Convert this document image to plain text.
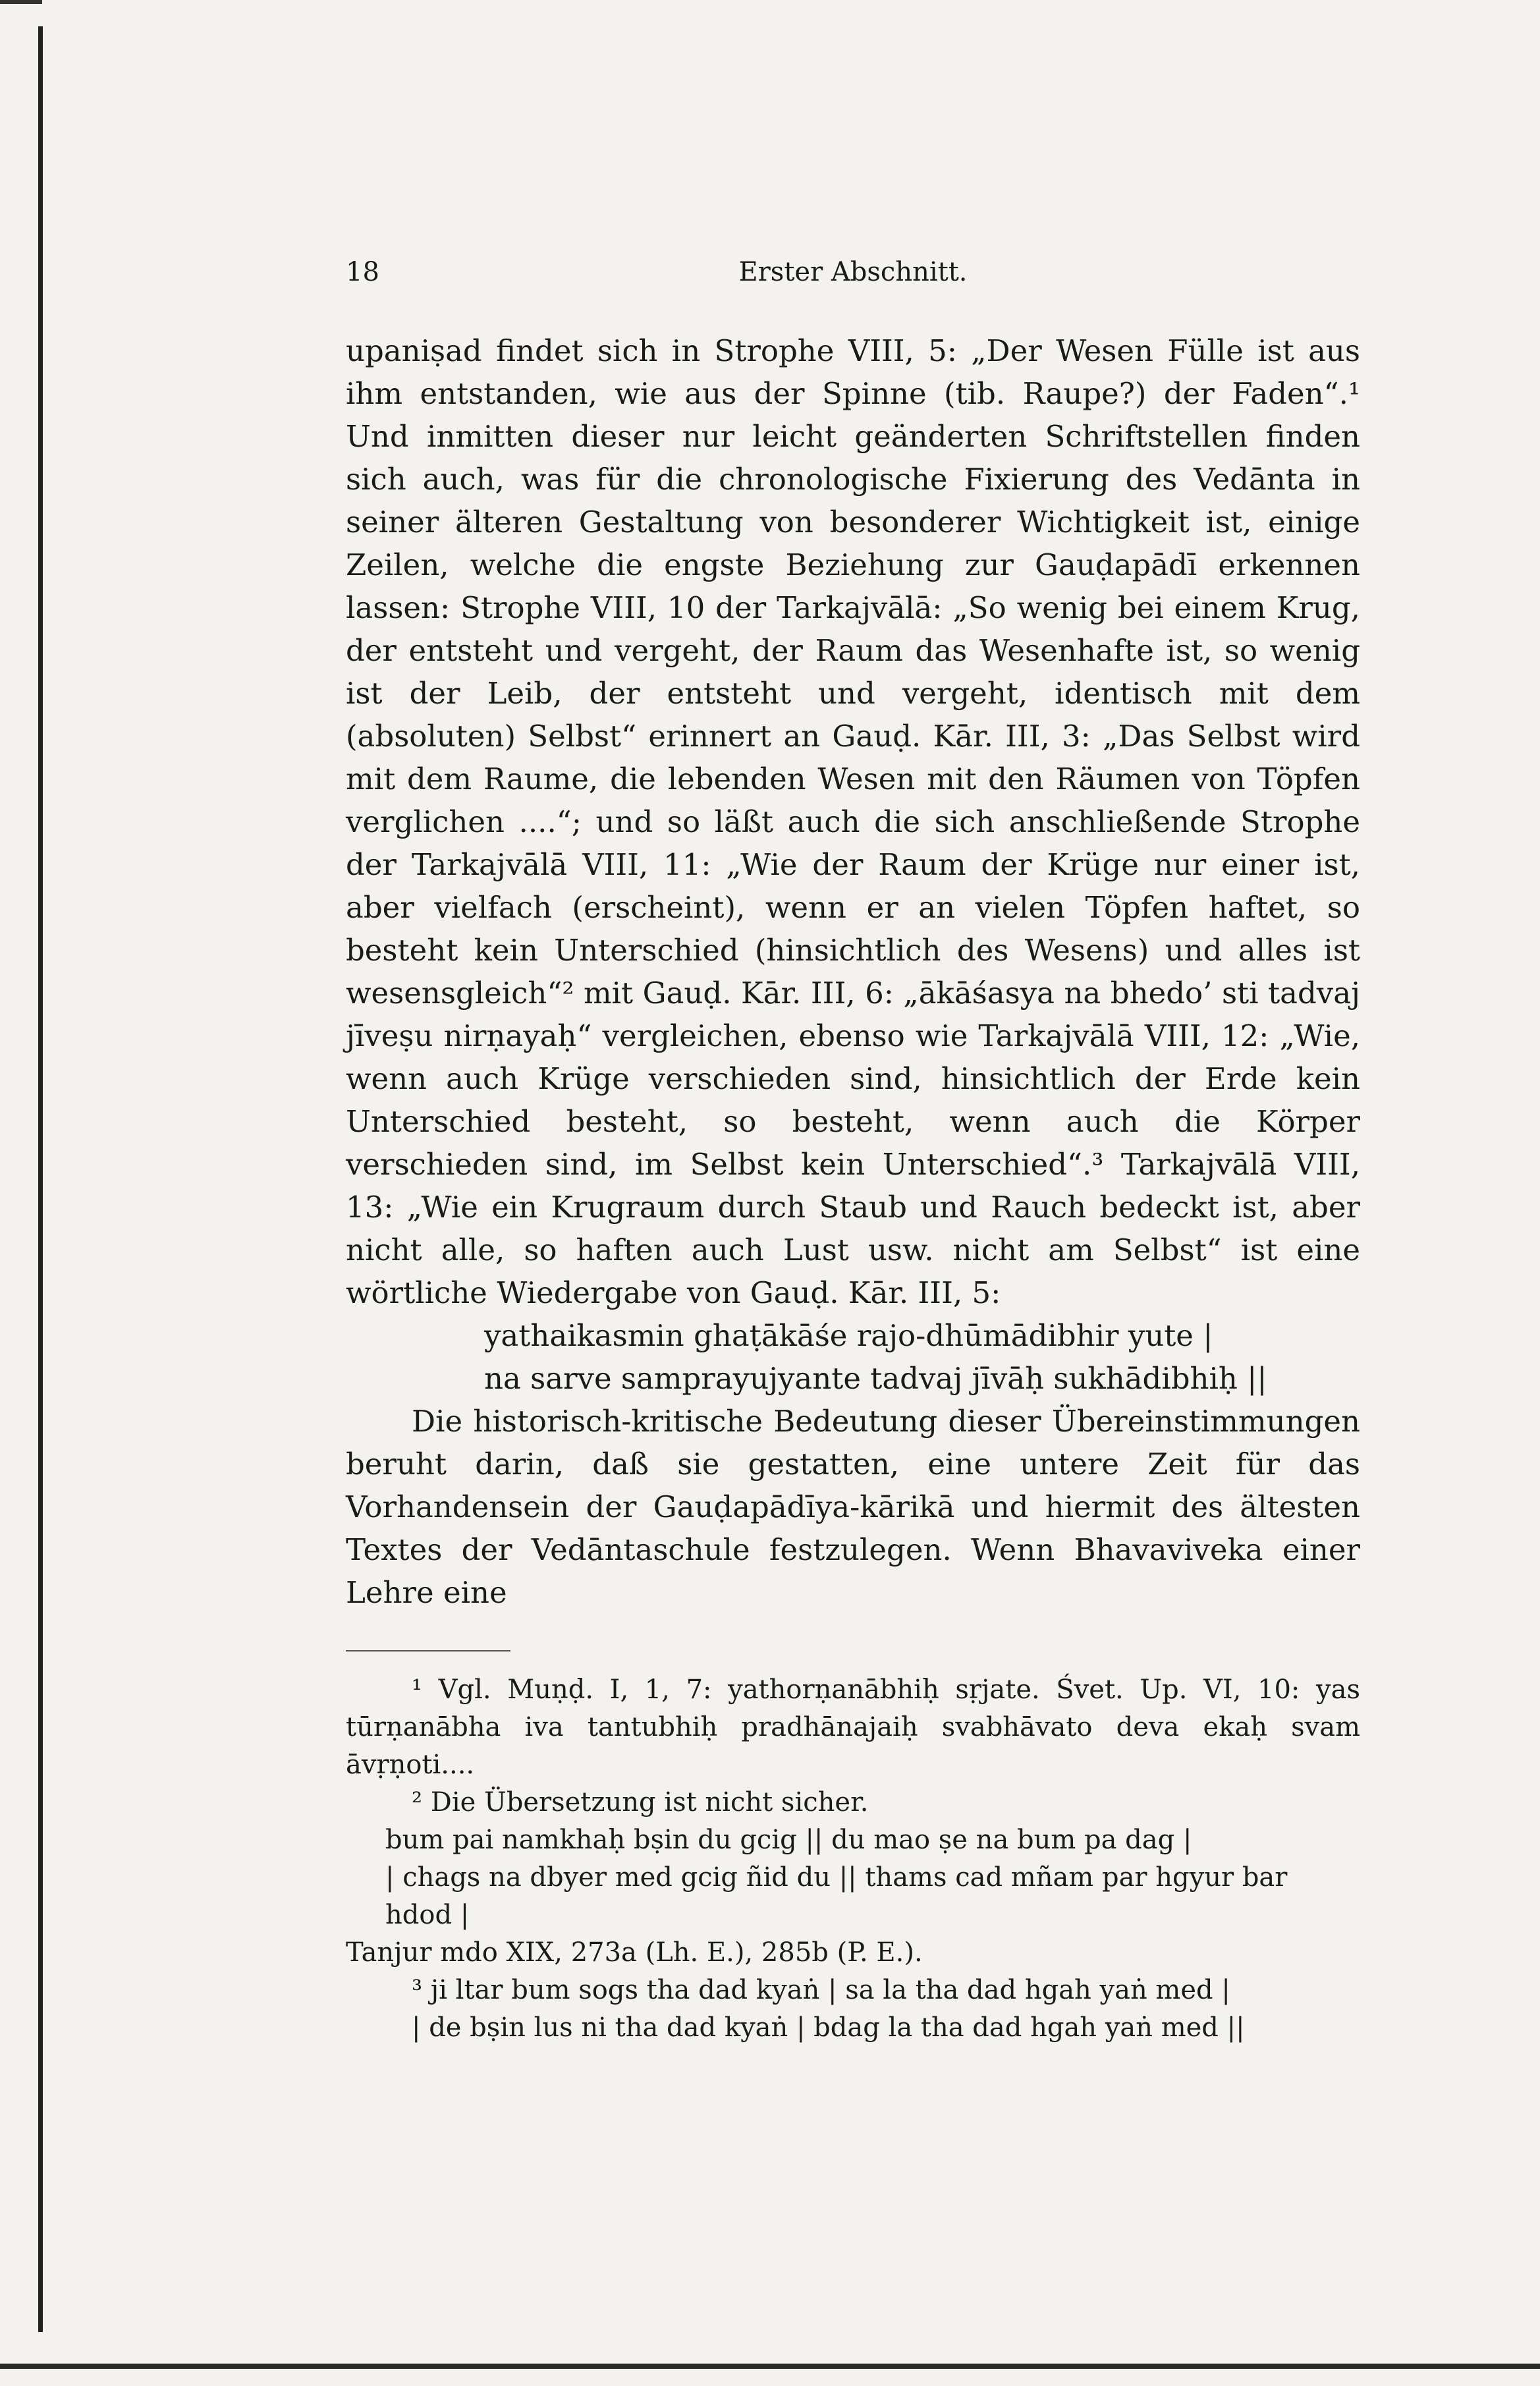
18	Erster Abschnitt.

upaniṣad findet sich in Strophe VIII, 5: „Der Wesen Fülle ist aus ihm entstanden, wie aus der Spinne (tib. Raupe?) der Faden“.¹ Und inmitten dieser nur leicht geänderten Schriftstellen finden sich auch, was für die chronologische Fixierung des Vedānta in seiner älteren Gestaltung von besonderer Wichtigkeit ist, einige Zeilen, welche die engste Beziehung zur Gauḍapādī erkennen lassen: Strophe VIII, 10 der Tarkajvālā: „So wenig bei einem Krug, der entsteht und vergeht, der Raum das Wesenhafte ist, so wenig ist der Leib, der entsteht und vergeht, identisch mit dem (absoluten) Selbst“ erinnert an Gauḍ. Kār. III, 3: „Das Selbst wird mit dem Raume, die lebenden Wesen mit den Räumen von Töpfen verglichen ....“; und so läßt auch die sich anschließende Strophe der Tarkajvālā VIII, 11: „Wie der Raum der Krüge nur einer ist, aber vielfach (erscheint), wenn er an vielen Töpfen haftet, so besteht kein Unterschied (hinsichtlich des Wesens) und alles ist wesensgleich“² mit Gauḍ. Kār. III, 6: „ākāśasya na bhedo’ sti tadvaj jīveṣu nirṇayaḥ“ vergleichen, ebenso wie Tarkajvālā VIII, 12: „Wie, wenn auch Krüge verschieden sind, hinsichtlich der Erde kein Unterschied besteht, so besteht, wenn auch die Körper verschieden sind, im Selbst kein Unterschied“.³ Tarkajvālā VIII, 13: „Wie ein Krugraum durch Staub und Rauch bedeckt ist, aber nicht alle, so haften auch Lust usw. nicht am Selbst“ ist eine wörtliche Wiedergabe von Gauḍ. Kār. III, 5:

yathaikasmin ghaṭākāśe rajo-dhūmādibhir yute |
na sarve samprayujyante tadvaj jīvāḥ sukhādibhiḥ ||

Die historisch-kritische Bedeutung dieser Übereinstimmungen beruht darin, daß sie gestatten, eine untere Zeit für das Vorhandensein der Gauḍapādīya-kārikā und hiermit des ältesten Textes der Vedāntaschule festzulegen. Wenn Bhavaviveka einer Lehre eine

¹ Vgl. Muṇḍ. I, 1, 7: yathorṇanābhiḥ sṛjate. Śvet. Up. VI, 10: yas tūrṇanābha iva tantubhiḥ pradhānajaiḥ svabhāvato deva ekaḥ svam āvṛṇoti....

² Die Übersetzung ist nicht sicher.

bum pai namkhaḥ bṣin du gcig || du mao ṣe na bum pa dag |

| chags na dbyer med gcig ñid du || thams cad mñam par hgyur bar hdod |

Tanjur mdo XIX, 273a (Lh. E.), 285b (P. E.).

³ ji ltar bum sogs tha dad kyaṅ | sa la tha dad hgah yaṅ med |

| de bṣin lus ni tha dad kyaṅ | bdag la tha dad hgah yaṅ med ||
